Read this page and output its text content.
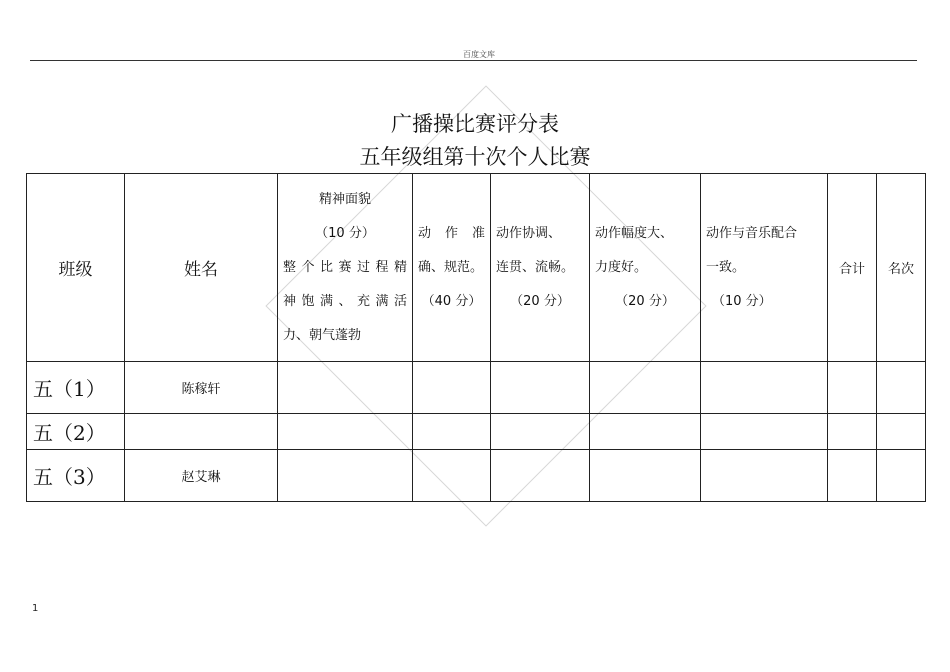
百度文库
广播操比赛评分表
五年级组第十次个人比赛
班级	姓名	精神面貌
（10 分）
整个比赛过程精
神饱满、充满活
力、朝气蓬勃	动 作 准
确、规范。
（40 分）	动作协调、
连贯、流畅。
（20 分）	动作幅度大、
力度好。
（20 分）	动作与音乐配合
一致。
（10 分）	合计	名次
五（1）	陈稼轩							
五（2）								
五（3）	赵艾琳							
1
